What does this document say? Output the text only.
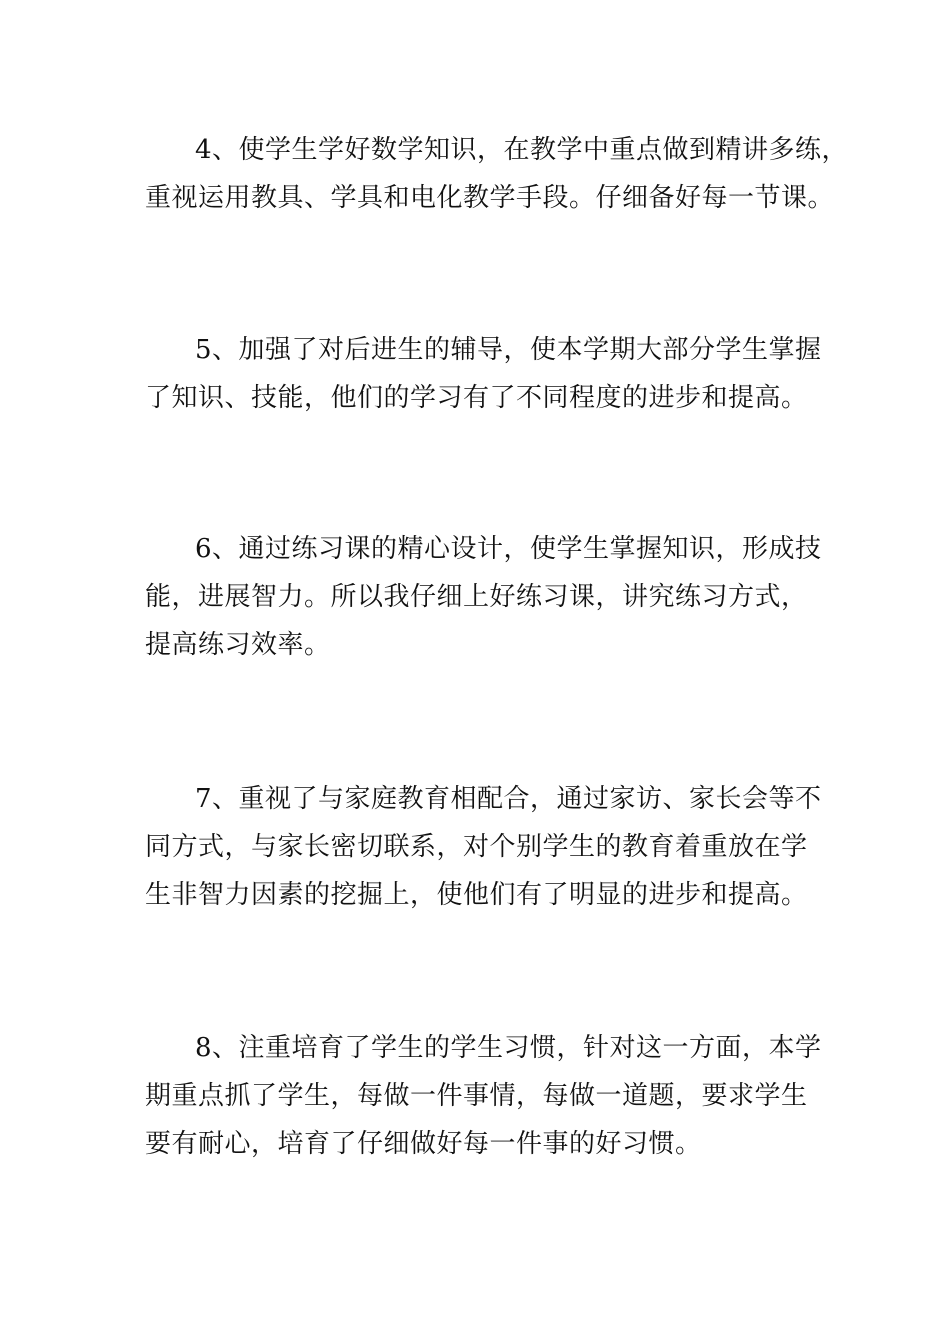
4、使学生学好数学知识，在教学中重点做到精讲多练，
重视运用教具、学具和电化教学手段。仔细备好每一节课。
5、加强了对后进生的辅导，使本学期大部分学生掌握
了知识、技能，他们的学习有了不同程度的进步和提高。
6、通过练习课的精心设计，使学生掌握知识，形成技
能，进展智力。所以我仔细上好练习课，讲究练习方式，
提高练习效率。
7、重视了与家庭教育相配合，通过家访、家长会等不
同方式，与家长密切联系，对个别学生的教育着重放在学
生非智力因素的挖掘上，使他们有了明显的进步和提高。
8、注重培育了学生的学生习惯，针对这一方面，本学
期重点抓了学生，每做一件事情，每做一道题，要求学生
要有耐心，培育了仔细做好每一件事的好习惯。
